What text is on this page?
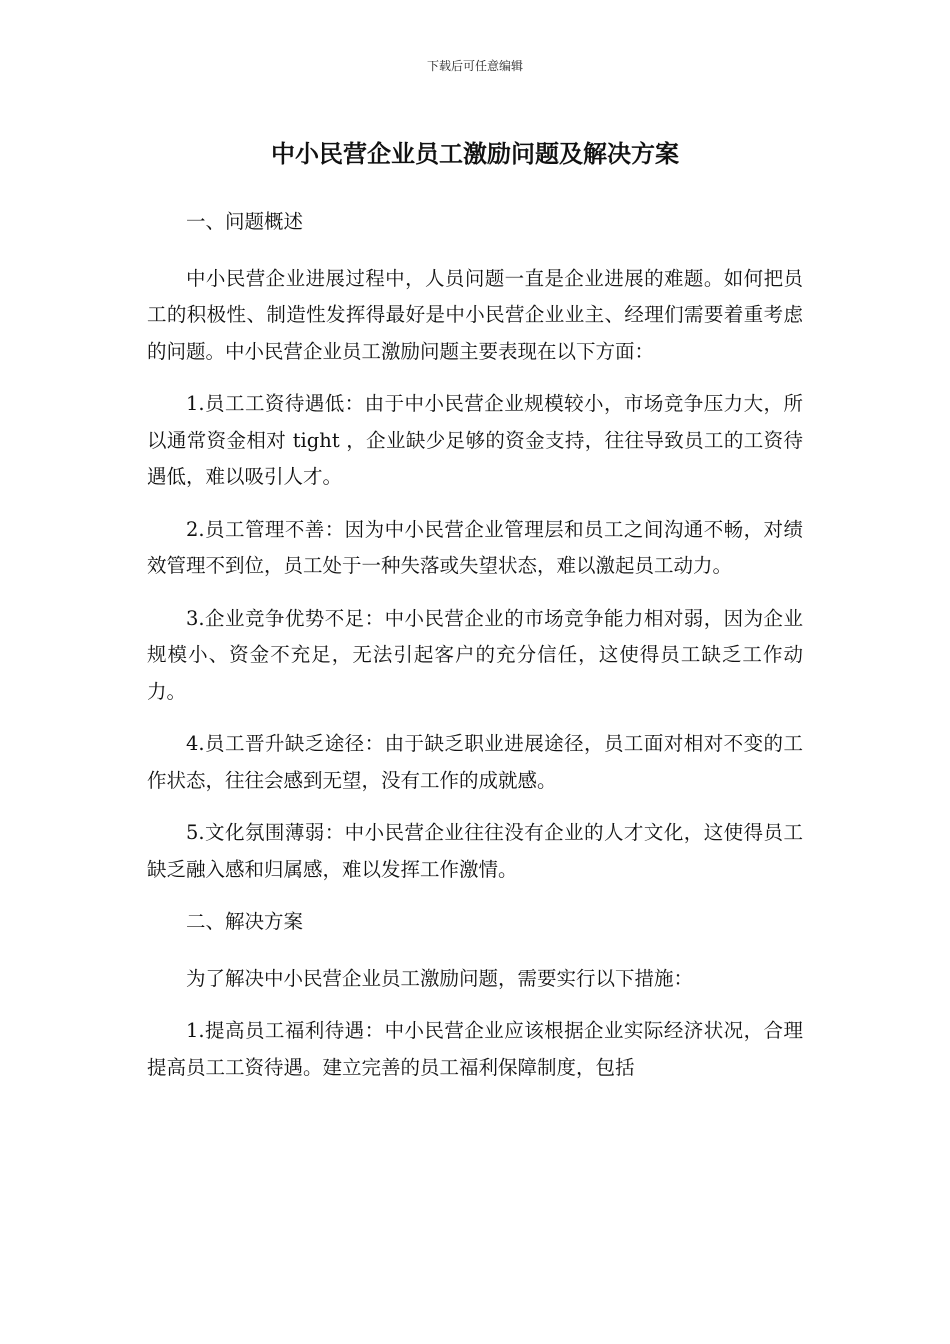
下载后可任意编辑
中小民营企业员工激励问题及解决方案

一、问题概述

中小民营企业进展过程中，人员问题一直是企业进展的难题。如何把员工的积极性、制造性发挥得最好是中小民营企业业主、经理们需要着重考虑的问题。中小民营企业员工激励问题主要表现在以下方面：

1.员工工资待遇低：由于中小民营企业规模较小，市场竞争压力大，所以通常资金相对 tight ，企业缺少足够的资金支持，往往导致员工的工资待遇低，难以吸引人才。

2.员工管理不善：因为中小民营企业管理层和员工之间沟通不畅，对绩效管理不到位，员工处于一种失落或失望状态，难以激起员工动力。

3.企业竞争优势不足：中小民营企业的市场竞争能力相对弱，因为企业规模小、资金不充足，无法引起客户的充分信任，这使得员工缺乏工作动力。

4.员工晋升缺乏途径：由于缺乏职业进展途径，员工面对相对不变的工作状态，往往会感到无望，没有工作的成就感。

5.文化氛围薄弱：中小民营企业往往没有企业的人才文化，这使得员工缺乏融入感和归属感，难以发挥工作激情。

二、解决方案

为了解决中小民营企业员工激励问题，需要实行以下措施：

1.提高员工福利待遇：中小民营企业应该根据企业实际经济状况，合理提高员工工资待遇。建立完善的员工福利保障制度，包括
